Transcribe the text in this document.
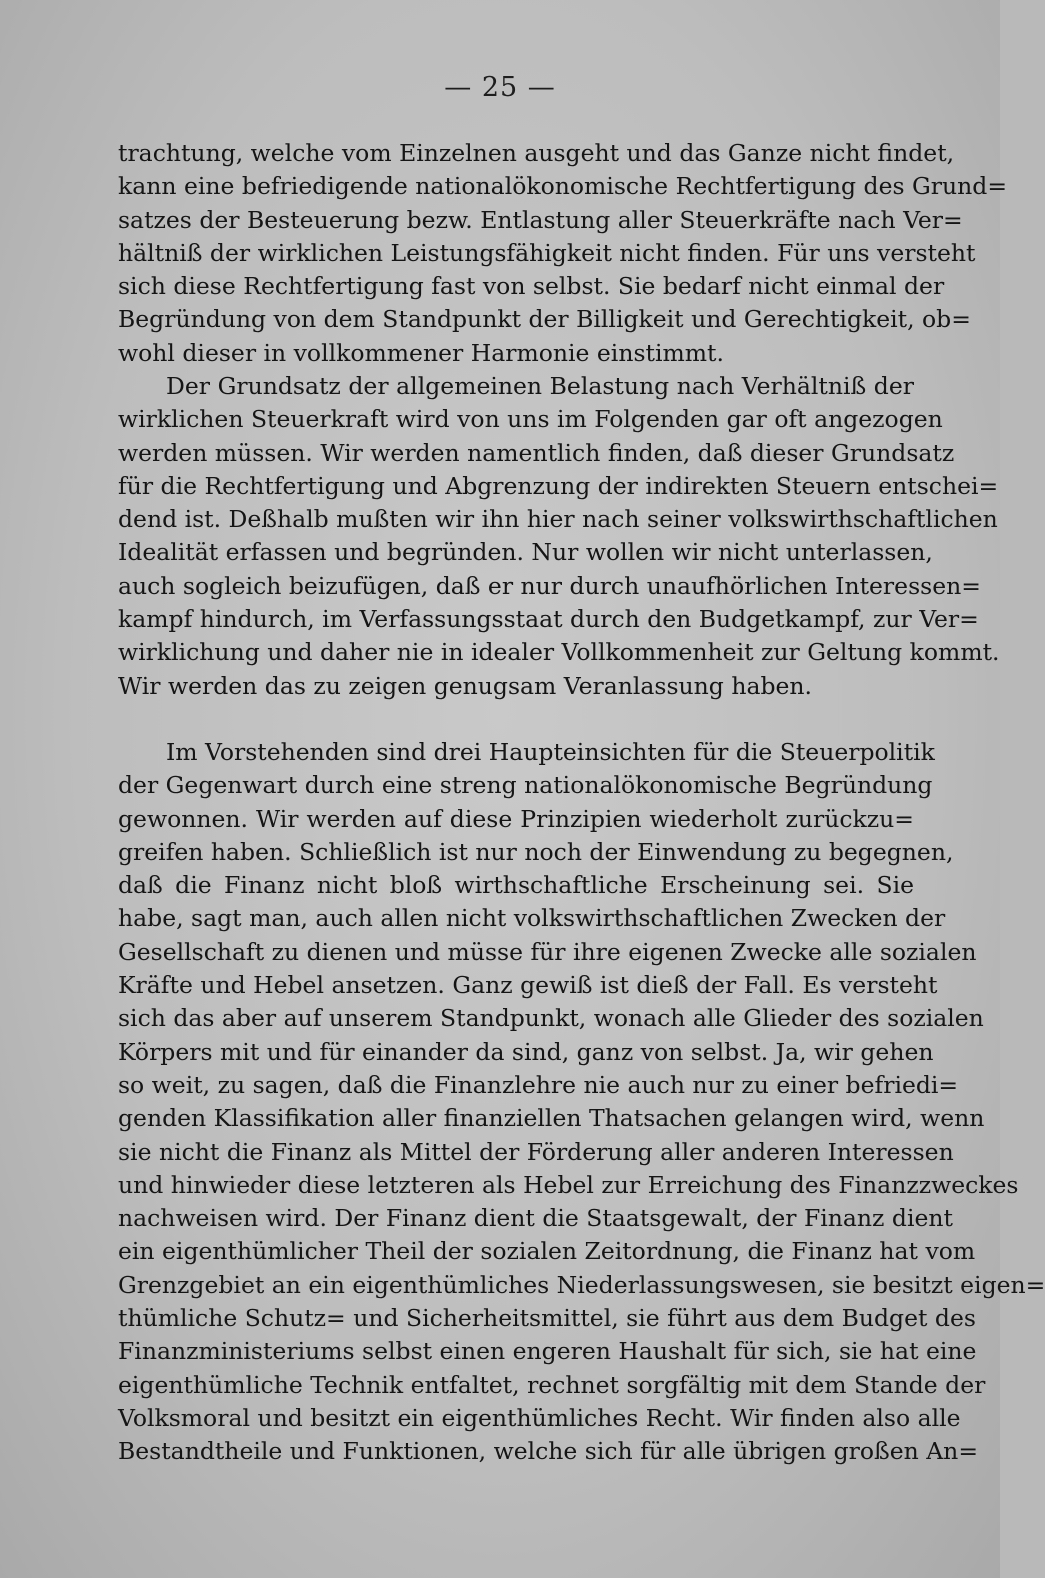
— 25 —
trachtung, welche vom Einzelnen ausgeht und das Ganze nicht findet,
kann eine befriedigende nationalökonomische Rechtfertigung des Grund=
satzes der Besteuerung bezw. Entlastung aller Steuerkräfte nach Ver=
hältniß der wirklichen Leistungsfähigkeit nicht finden. Für uns versteht
sich diese Rechtfertigung fast von selbst. Sie bedarf nicht einmal der
Begründung von dem Standpunkt der Billigkeit und Gerechtigkeit, ob=
wohl dieser in vollkommener Harmonie einstimmt.
Der Grundsatz der allgemeinen Belastung nach Verhältniß der
wirklichen Steuerkraft wird von uns im Folgenden gar oft angezogen
werden müssen. Wir werden namentlich finden, daß dieser Grundsatz
für die Rechtfertigung und Abgrenzung der indirekten Steuern entschei=
dend ist. Deßhalb mußten wir ihn hier nach seiner volkswirthschaftlichen
Idealität erfassen und begründen. Nur wollen wir nicht unterlassen,
auch sogleich beizufügen, daß er nur durch unaufhörlichen Interessen=
kampf hindurch, im Verfassungsstaat durch den Budgetkampf, zur Ver=
wirklichung und daher nie in idealer Vollkommenheit zur Geltung kommt.
Wir werden das zu zeigen genugsam Veranlassung haben.
Im Vorstehenden sind drei Haupteinsichten für die Steuerpolitik
der Gegenwart durch eine streng nationalökonomische Begründung
gewonnen. Wir werden auf diese Prinzipien wiederholt zurückzu=
greifen haben. Schließlich ist nur noch der Einwendung zu begegnen,
daß die Finanz nicht bloß wirthschaftliche Erscheinung sei. Sie
habe, sagt man, auch allen nicht volkswirthschaftlichen Zwecken der
Gesellschaft zu dienen und müsse für ihre eigenen Zwecke alle sozialen
Kräfte und Hebel ansetzen. Ganz gewiß ist dieß der Fall. Es versteht
sich das aber auf unserem Standpunkt, wonach alle Glieder des sozialen
Körpers mit und für einander da sind, ganz von selbst. Ja, wir gehen
so weit, zu sagen, daß die Finanzlehre nie auch nur zu einer befriedi=
genden Klassifikation aller finanziellen Thatsachen gelangen wird, wenn
sie nicht die Finanz als Mittel der Förderung aller anderen Interessen
und hinwieder diese letzteren als Hebel zur Erreichung des Finanzzweckes
nachweisen wird. Der Finanz dient die Staatsgewalt, der Finanz dient
ein eigenthümlicher Theil der sozialen Zeitordnung, die Finanz hat vom
Grenzgebiet an ein eigenthümliches Niederlassungswesen, sie besitzt eigen=
thümliche Schutz= und Sicherheitsmittel, sie führt aus dem Budget des
Finanzministeriums selbst einen engeren Haushalt für sich, sie hat eine
eigenthümliche Technik entfaltet, rechnet sorgfältig mit dem Stande der
Volksmoral und besitzt ein eigenthümliches Recht. Wir finden also alle
Bestandtheile und Funktionen, welche sich für alle übrigen großen An=
